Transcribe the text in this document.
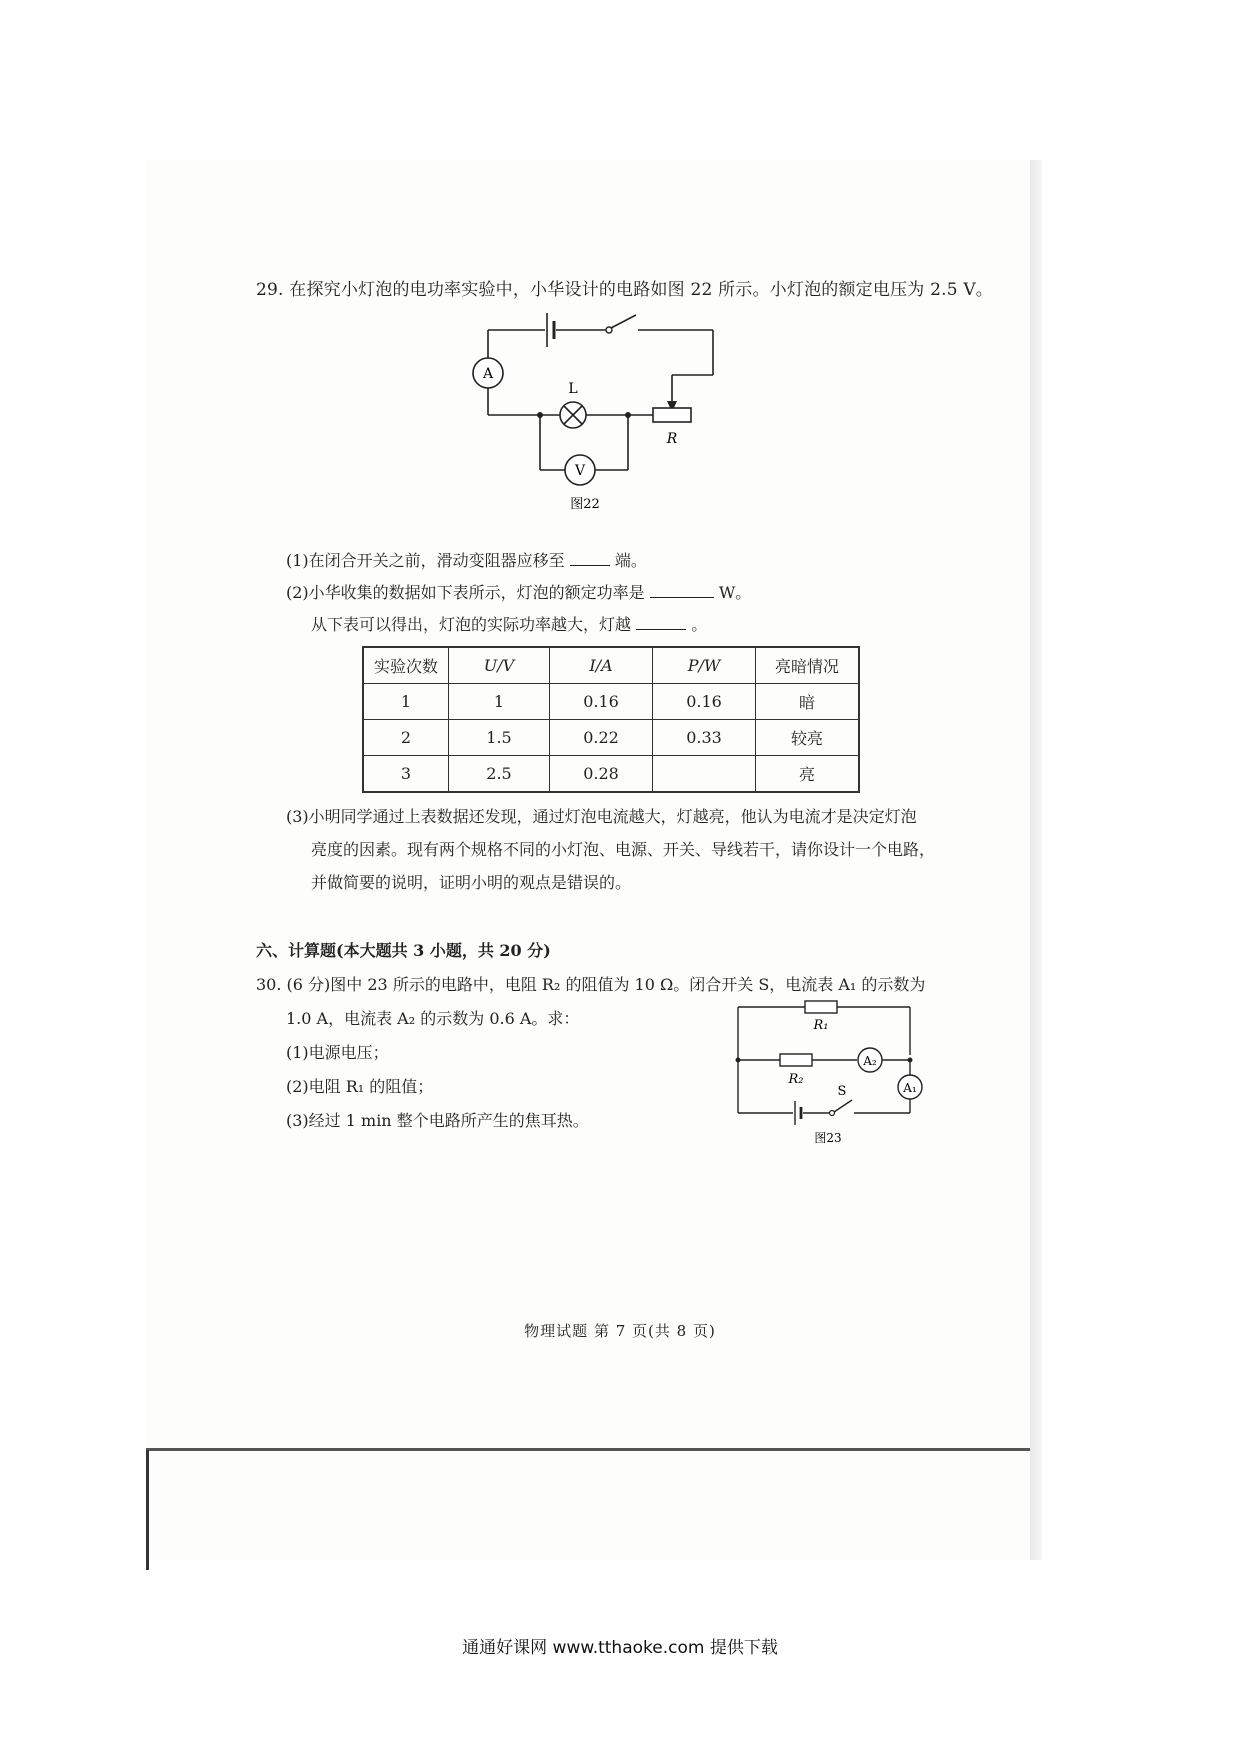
29. 在探究小灯泡的电功率实验中，小华设计的电路如图 22 所示。小灯泡的额定电压为 2.5 V。
A
L
R
V
图22
(1)在闭合开关之前，滑动变阻器应移至	端。
(2)小华收集的数据如下表所示，灯泡的额定功率是	W。
从下表可以得出，灯泡的实际功率越大，灯越	。
实验次数	U/V	I/A	P/W	亮暗情况
1	1	0.16	0.16	暗
2	1.5	0.22	0.33	较亮
3	2.5	0.28		亮
(3)小明同学通过上表数据还发现，通过灯泡电流越大，灯越亮，他认为电流才是决定灯泡
亮度的因素。现有两个规格不同的小灯泡、电源、开关、导线若干，请你设计一个电路，
并做简要的说明，证明小明的观点是错误的。
六、计算题(本大题共 3 小题，共 20 分)
30. (6 分)图中 23 所示的电路中，电阻 R₂ 的阻值为 10 Ω。闭合开关 S，电流表 A₁ 的示数为
1.0 A，电流表 A₂ 的示数为 0.6 A。求：
(1)电源电压；
(2)电阻 R₁ 的阻值；
(3)经过 1 min 整个电路所产生的焦耳热。
R₁
R₂
A₂
A₁
S
图23
物理试题 第 7 页(共 8 页)
通通好课网 www.tthaoke.com 提供下载
